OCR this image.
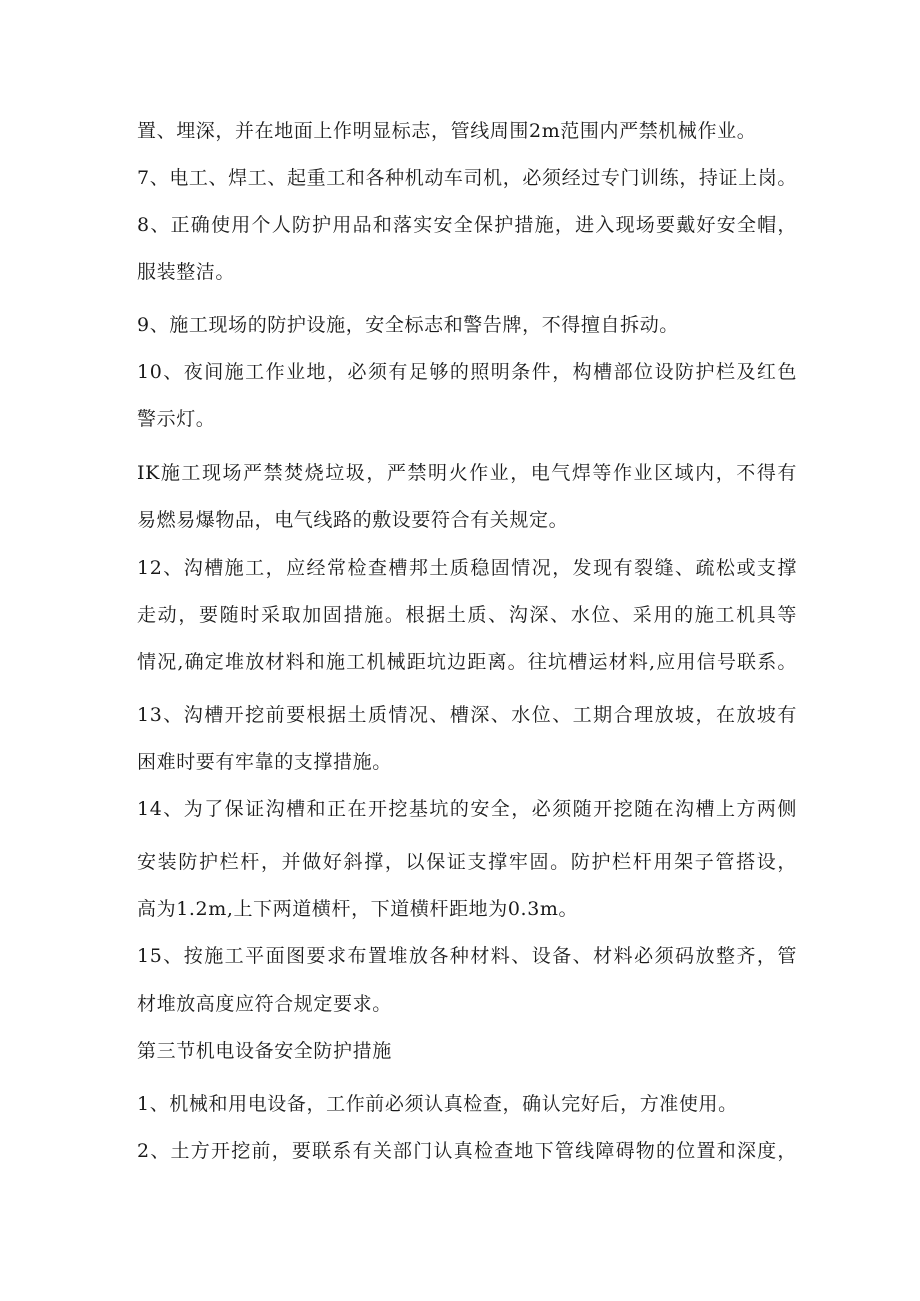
置、埋深，并在地面上作明显标志，管线周围2m范围内严禁机械作业。
7、电工、焊工、起重工和各种机动车司机，必须经过专门训练，持证上岗。
8、正确使用个人防护用品和落实安全保护措施，进入现场要戴好安全帽，
服装整洁。
9、施工现场的防护设施，安全标志和警告牌，不得擅自拆动。
10、夜间施工作业地，必须有足够的照明条件，构槽部位设防护栏及红色
警示灯。
IK施工现场严禁焚烧垃圾，严禁明火作业，电气焊等作业区域内，不得有
易燃易爆物品，电气线路的敷设要符合有关规定。
12、沟槽施工，应经常检查槽邦土质稳固情况，发现有裂缝、疏松或支撑
走动，要随时采取加固措施。根据土质、沟深、水位、采用的施工机具等
情况,确定堆放材料和施工机械距坑边距离。往坑槽运材料,应用信号联系。
13、沟槽开挖前要根据土质情况、槽深、水位、工期合理放坡，在放坡有
困难时要有牢靠的支撑措施。
14、为了保证沟槽和正在开挖基坑的安全，必须随开挖随在沟槽上方两侧
安装防护栏杆，并做好斜撑，以保证支撑牢固。防护栏杆用架子管搭设，
高为1.2m,上下两道横杆，下道横杆距地为0.3m。
15、按施工平面图要求布置堆放各种材料、设备、材料必须码放整齐，管
材堆放高度应符合规定要求。
第三节机电设备安全防护措施
1、机械和用电设备，工作前必须认真检查，确认完好后，方准使用。
2、土方开挖前，要联系有关部门认真检查地下管线障碍物的位置和深度，
